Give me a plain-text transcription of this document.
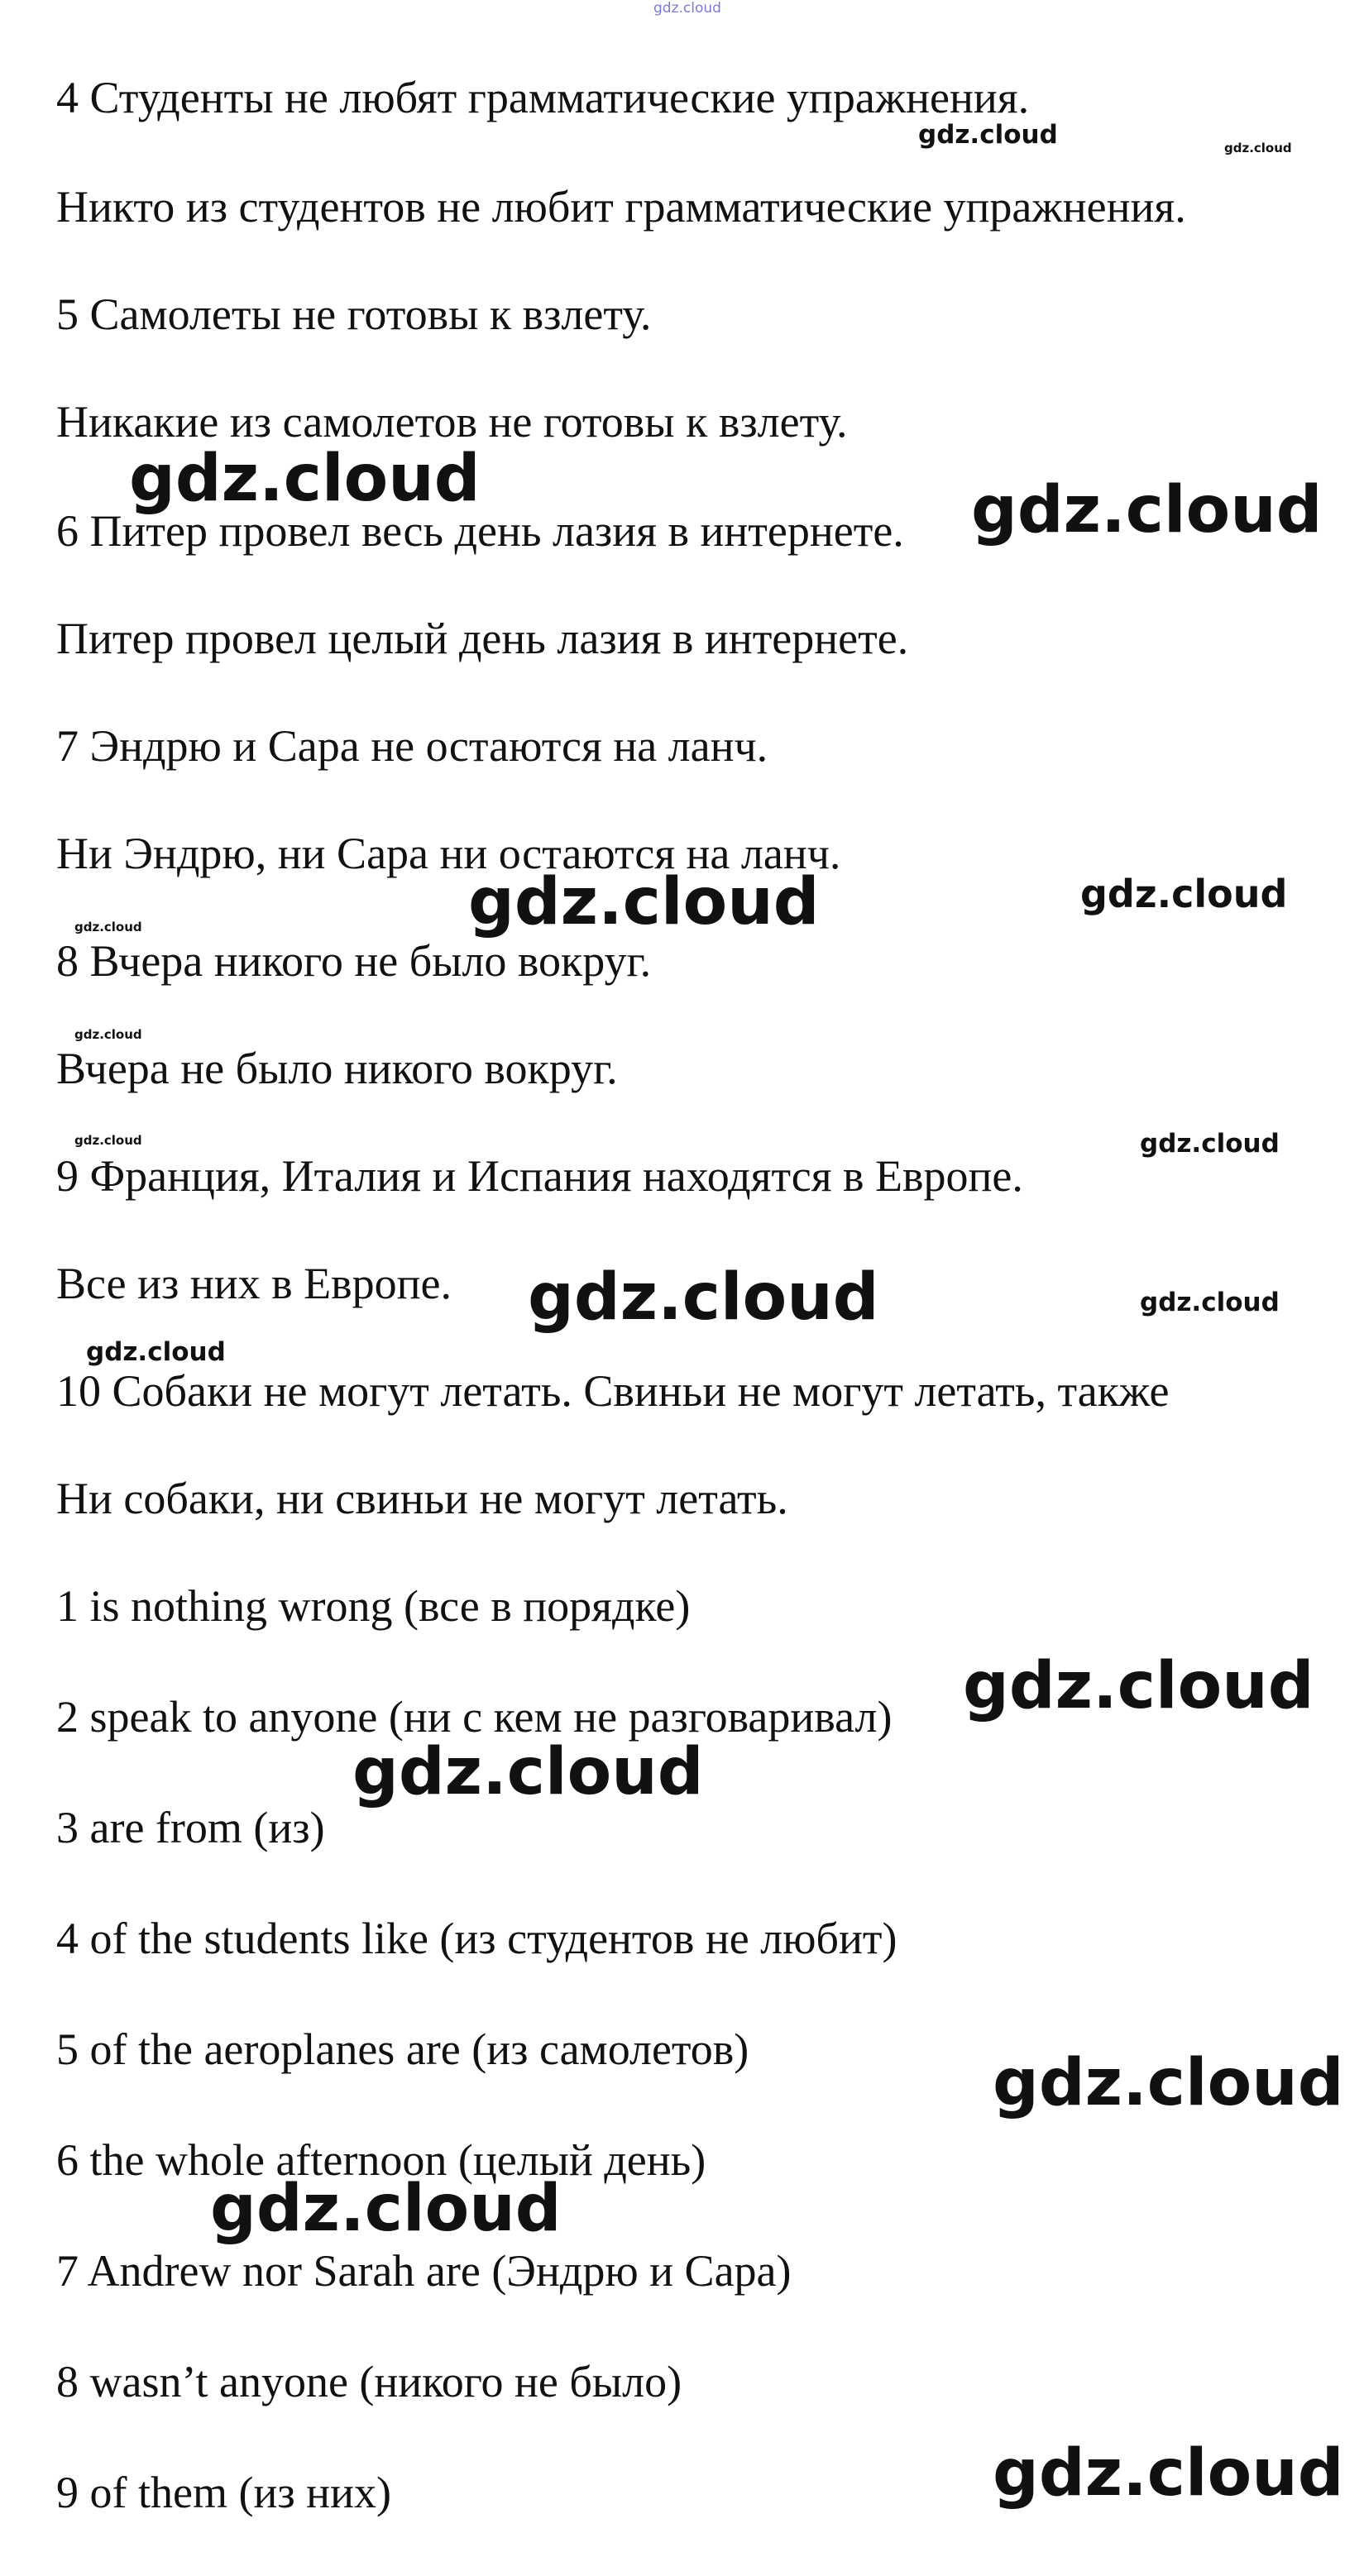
4 Студенты не любят грамматические упражнения.
Никто из студентов не любит грамматические упражнения.
5 Самолеты не готовы к взлету.
Никакие из самолетов не готовы к взлету.
6 Питер провел весь день лазия в интернете.
Питер провел целый день лазия в интернете.
7 Эндрю и Сара не остаются на ланч.
Ни Эндрю, ни Сара ни остаются на ланч.
8 Вчера никого не было вокруг.
Вчера не было никого вокруг.
9 Франция, Италия и Испания находятся в Европе.
Все из них в Европе.
10 Собаки не могут летать. Свиньи не могут летать, также
Ни собаки, ни свиньи не могут летать.
1 is nothing wrong (все в порядке)
2 speak to anyone (ни с кем не разговаривал)
3 are from (из)
4 of the students like (из студентов не любит)
5 of the aeroplanes are (из самолетов)
6 the whole afternoon (целый день)
7 Andrew nor Sarah are (Эндрю и Сара)
8 wasn’t anyone (никого не было)
9 of them (из них)
gdz.cloud
gdz.cloud	gdz.cloud
gdz.cloud	gdz.cloud
gdz.cloud	gdz.cloud
gdz.cloud
gdz.cloud
gdz.cloud	gdz.cloud
gdz.cloud	gdz.cloud
gdz.cloud
gdz.cloud
gdz.cloud
gdz.cloud
gdz.cloud
gdz.cloud
